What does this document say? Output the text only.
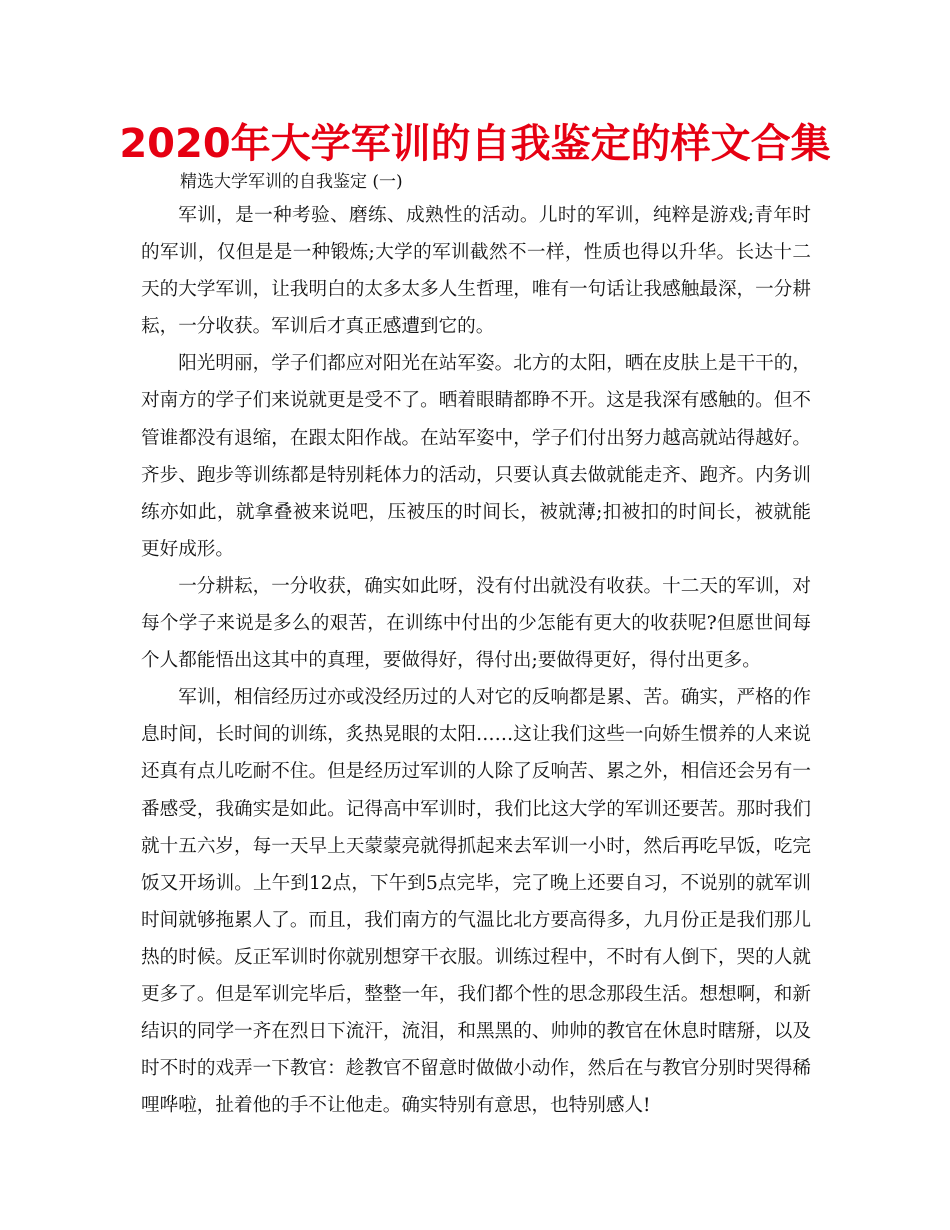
2020年大学军训的自我鉴定的样文合集
精选大学军训的自我鉴定 (一)

军训，是一种考验、磨练、成熟性的活动。儿时的军训，纯粹是游戏;青年时的军训，仅但是是一种锻炼;大学的军训截然不一样，性质也得以升华。长达十二天的大学军训，让我明白的太多太多人生哲理，唯有一句话让我感触最深，一分耕耘，一分收获。军训后才真正感遭到它的。

阳光明丽，学子们都应对阳光在站军姿。北方的太阳，晒在皮肤上是干干的，对南方的学子们来说就更是受不了。晒着眼睛都睁不开。这是我深有感触的。但不管谁都没有退缩，在跟太阳作战。在站军姿中，学子们付出努力越高就站得越好。齐步、跑步等训练都是特别耗体力的活动，只要认真去做就能走齐、跑齐。内务训练亦如此，就拿叠被来说吧，压被压的时间长，被就薄;扣被扣的时间长，被就能更好成形。

一分耕耘，一分收获，确实如此呀，没有付出就没有收获。十二天的军训，对每个学子来说是多么的艰苦，在训练中付出的少怎能有更大的收获呢?但愿世间每个人都能悟出这其中的真理，要做得好，得付出;要做得更好，得付出更多。

军训，相信经历过亦或没经历过的人对它的反响都是累、苦。确实，严格的作息时间，长时间的训练，炙热晃眼的太阳……这让我们这些一向娇生惯养的人来说还真有点儿吃耐不住。但是经历过军训的人除了反响苦、累之外，相信还会另有一番感受，我确实是如此。记得高中军训时，我们比这大学的军训还要苦。那时我们就十五六岁，每一天早上天蒙蒙亮就得抓起来去军训一小时，然后再吃早饭，吃完饭又开场训。上午到12点，下午到5点完毕，完了晚上还要自习，不说别的就军训时间就够拖累人了。而且，我们南方的气温比北方要高得多，九月份正是我们那儿热的时候。反正军训时你就别想穿干衣服。训练过程中，不时有人倒下，哭的人就更多了。但是军训完毕后，整整一年，我们都个性的思念那段生活。想想啊，和新结识的同学一齐在烈日下流汗，流泪，和黑黑的、帅帅的教官在休息时瞎掰，以及时不时的戏弄一下教官：趁教官不留意时做做小动作，然后在与教官分别时哭得稀哩哗啦，扯着他的手不让他走。确实特别有意思，也特别感人!
